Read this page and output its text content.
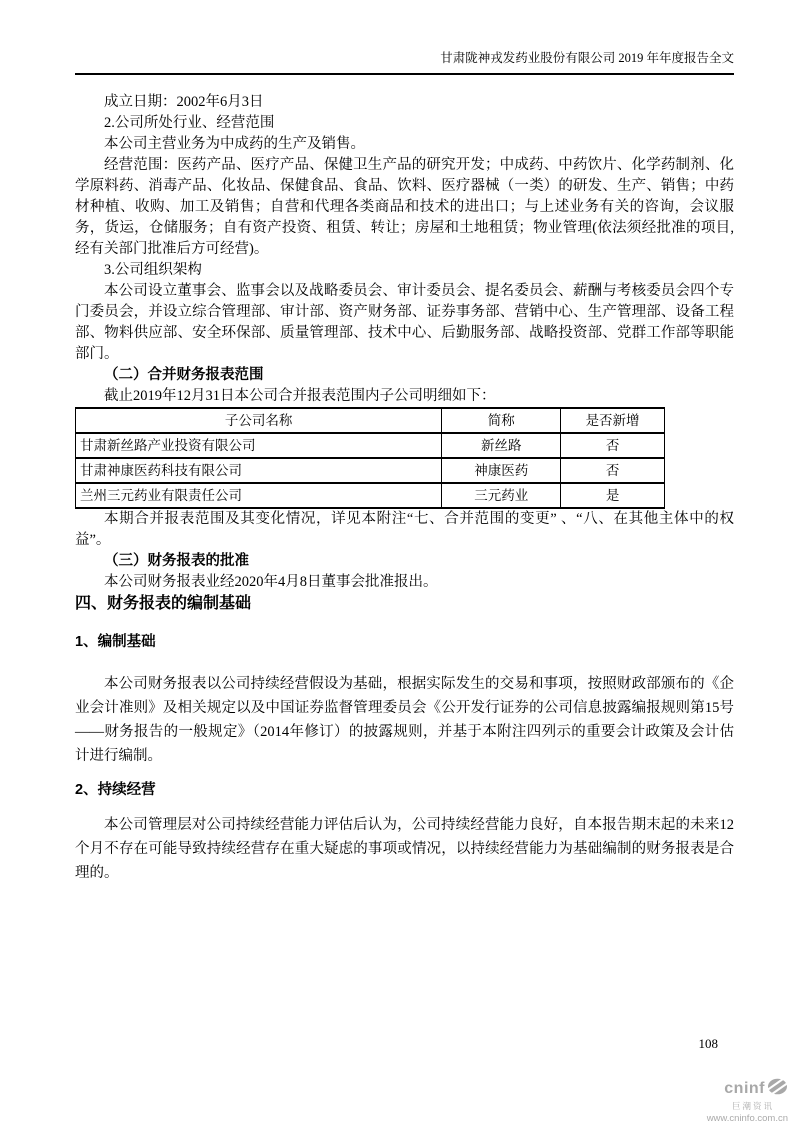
甘肃陇神戎发药业股份有限公司 2019 年年度报告全文

成立日期：2002年6月3日

2.公司所处行业、经营范围

本公司主营业务为中成药的生产及销售。

经营范围：医药产品、医疗产品、保健卫生产品的研究开发；中成药、中药饮片、化学药制剂、化学原料药、消毒产品、化妆品、保健食品、食品、饮料、医疗器械（一类）的研发、生产、销售；中药材种植、收购、加工及销售；自营和代理各类商品和技术的进出口；与上述业务有关的咨询，会议服务，货运，仓储服务；自有资产投资、租赁、转让；房屋和土地租赁；物业管理(依法须经批准的项目,经有关部门批准后方可经营)。

3.公司组织架构

本公司设立董事会、监事会以及战略委员会、审计委员会、提名委员会、薪酬与考核委员会四个专门委员会，并设立综合管理部、审计部、资产财务部、证券事务部、营销中心、生产管理部、设备工程部、物料供应部、安全环保部、质量管理部、技术中心、后勤服务部、战略投资部、党群工作部等职能部门。

（二）合并财务报表范围

截止2019年12月31日本公司合并报表范围内子公司明细如下：

子公司名称	简称	是否新增
甘肃新丝路产业投资有限公司	新丝路	否
甘肃神康医药科技有限公司	神康医药	否
兰州三元药业有限责任公司	三元药业	是

本期合并报表范围及其变化情况，详见本附注“七、合并范围的变更” 、“八、在其他主体中的权益”。

（三）财务报表的批准

本公司财务报表业经2020年4月8日董事会批准报出。

四、财务报表的编制基础

1、编制基础

本公司财务报表以公司持续经营假设为基础，根据实际发生的交易和事项，按照财政部颁布的《企业会计准则》及相关规定以及中国证券监督管理委员会《公开发行证券的公司信息披露编报规则第15号——财务报告的一般规定》（2014年修订）的披露规则，并基于本附注四列示的重要会计政策及会计估计进行编制。

2、持续经营

本公司管理层对公司持续经营能力评估后认为，公司持续经营能力良好，自本报告期末起的未来12个月不存在可能导致持续经营存在重大疑虑的事项或情况，以持续经营能力为基础编制的财务报表是合理的。

108
cninf
巨潮资讯
www.cninfo.com.cn
